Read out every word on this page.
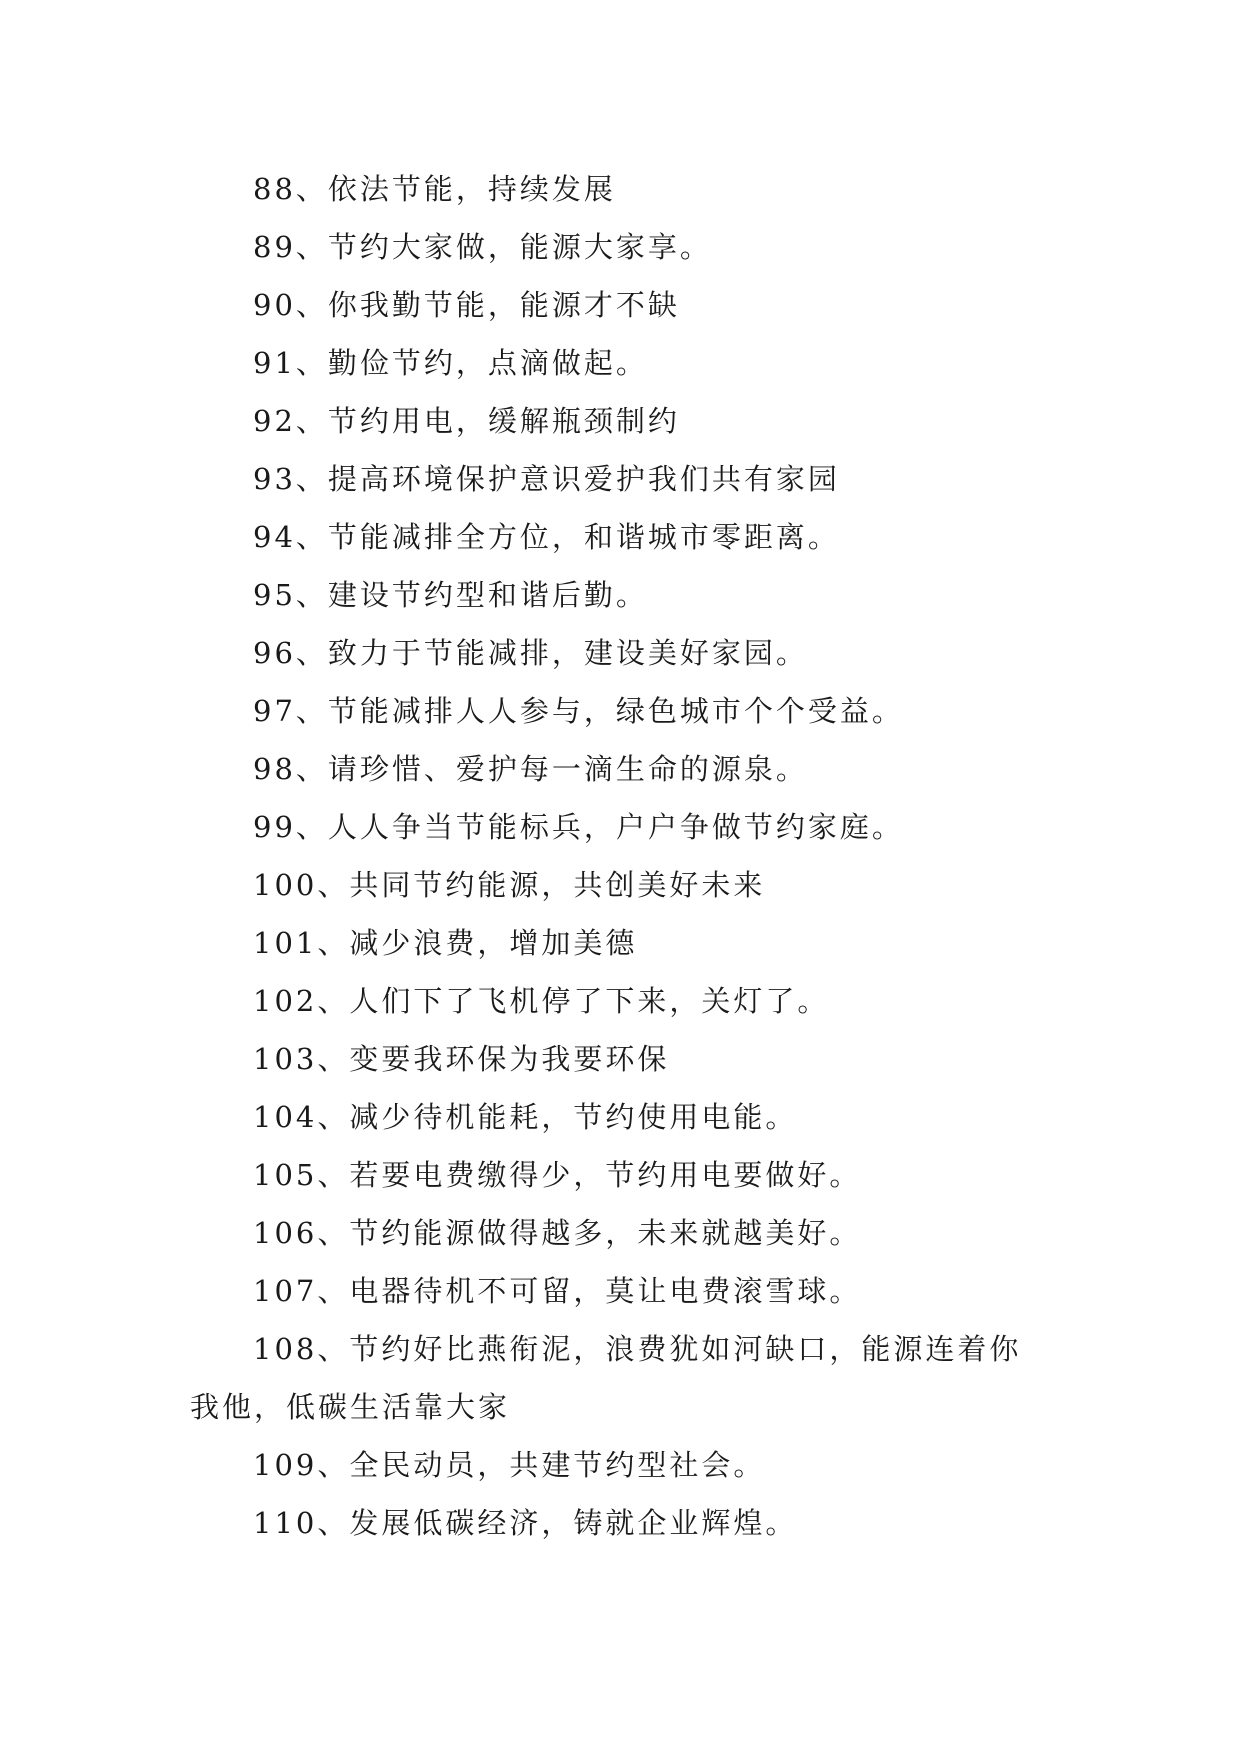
88、依法节能，持续发展
89、节约大家做，能源大家享。
90、你我勤节能，能源才不缺
91、勤俭节约，点滴做起。
92、节约用电，缓解瓶颈制约
93、提高环境保护意识爱护我们共有家园
94、节能减排全方位，和谐城市零距离。
95、建设节约型和谐后勤。
96、致力于节能减排，建设美好家园。
97、节能减排人人参与，绿色城市个个受益。
98、请珍惜、爱护每一滴生命的源泉。
99、人人争当节能标兵，户户争做节约家庭。
100、共同节约能源，共创美好未来
101、减少浪费，增加美德
102、人们下了飞机停了下来，关灯了。
103、变要我环保为我要环保
104、减少待机能耗，节约使用电能。
105、若要电费缴得少，节约用电要做好。
106、节约能源做得越多，未来就越美好。
107、电器待机不可留，莫让电费滚雪球。
108、节约好比燕衔泥，浪费犹如河缺口，能源连着你
我他，低碳生活靠大家
109、全民动员，共建节约型社会。
110、发展低碳经济，铸就企业辉煌。
